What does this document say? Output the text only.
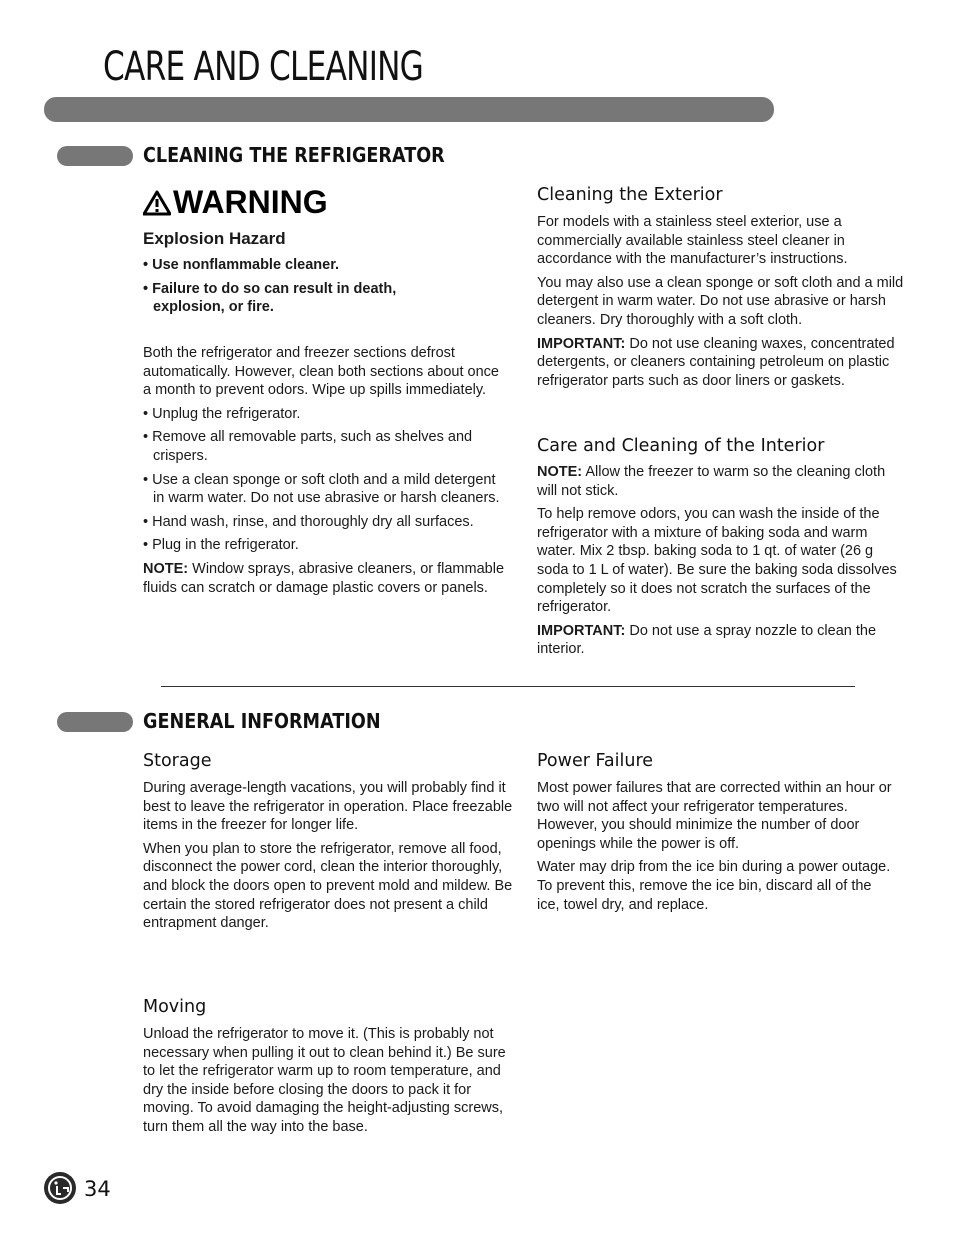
CARE AND CLEANING
CLEANING THE REFRIGERATOR
WARNING
Explosion Hazard

• Use nonflammable cleaner.

• Failure to do so can result in death, explosion, or fire.

Both the refrigerator and freezer sections defrost automatically. However, clean both sections about once a month to prevent odors. Wipe up spills immediately.

• Unplug the refrigerator.

• Remove all removable parts, such as shelves and crispers.

• Use a clean sponge or soft cloth and a mild detergent in warm water. Do not use abrasive or harsh cleaners.

• Hand wash, rinse, and thoroughly dry all surfaces.

• Plug in the refrigerator.

NOTE: Window sprays, abrasive cleaners, or flammable fluids can scratch or damage plastic covers or panels.

Cleaning the Exterior

For models with a stainless steel exterior, use a commercially available stainless steel cleaner in accordance with the manufacturer’s instructions.

You may also use a clean sponge or soft cloth and a mild detergent in warm water. Do not use abrasive or harsh cleaners. Dry thoroughly with a soft cloth.

IMPORTANT: Do not use cleaning waxes, concentrated detergents, or cleaners containing petroleum on plastic refrigerator parts such as door liners or gaskets.

Care and Cleaning of the Interior

NOTE: Allow the freezer to warm so the cleaning cloth will not stick.

To help remove odors, you can wash the inside of the refrigerator with a mixture of baking soda and warm water. Mix 2 tbsp. baking soda to 1 qt. of water (26 g soda to 1 L of water). Be sure the baking soda dissolves completely so it does not scratch the surfaces of the refrigerator.

IMPORTANT: Do not use a spray nozzle to clean the interior.

GENERAL INFORMATION
Storage

During average-length vacations, you will probably find it best to leave the refrigerator in operation. Place freezable items in the freezer for longer life.

When you plan to store the refrigerator, remove all food, disconnect the power cord, clean the interior thoroughly, and block the doors open to prevent mold and mildew. Be certain the stored refrigerator does not present a child entrapment danger.

Moving

Unload the refrigerator to move it. (This is probably not necessary when pulling it out to clean behind it.) Be sure to let the refrigerator warm up to room temperature, and dry the inside before closing the doors to pack it for moving. To avoid damaging the height-adjusting screws, turn them all the way into the base.

Power Failure

Most power failures that are corrected within an hour or two will not affect your refrigerator temperatures. However, you should minimize the number of door openings while the power is off.

Water may drip from the ice bin during a power outage. To prevent this, remove the ice bin, discard all of the ice, towel dry, and replace.

34
